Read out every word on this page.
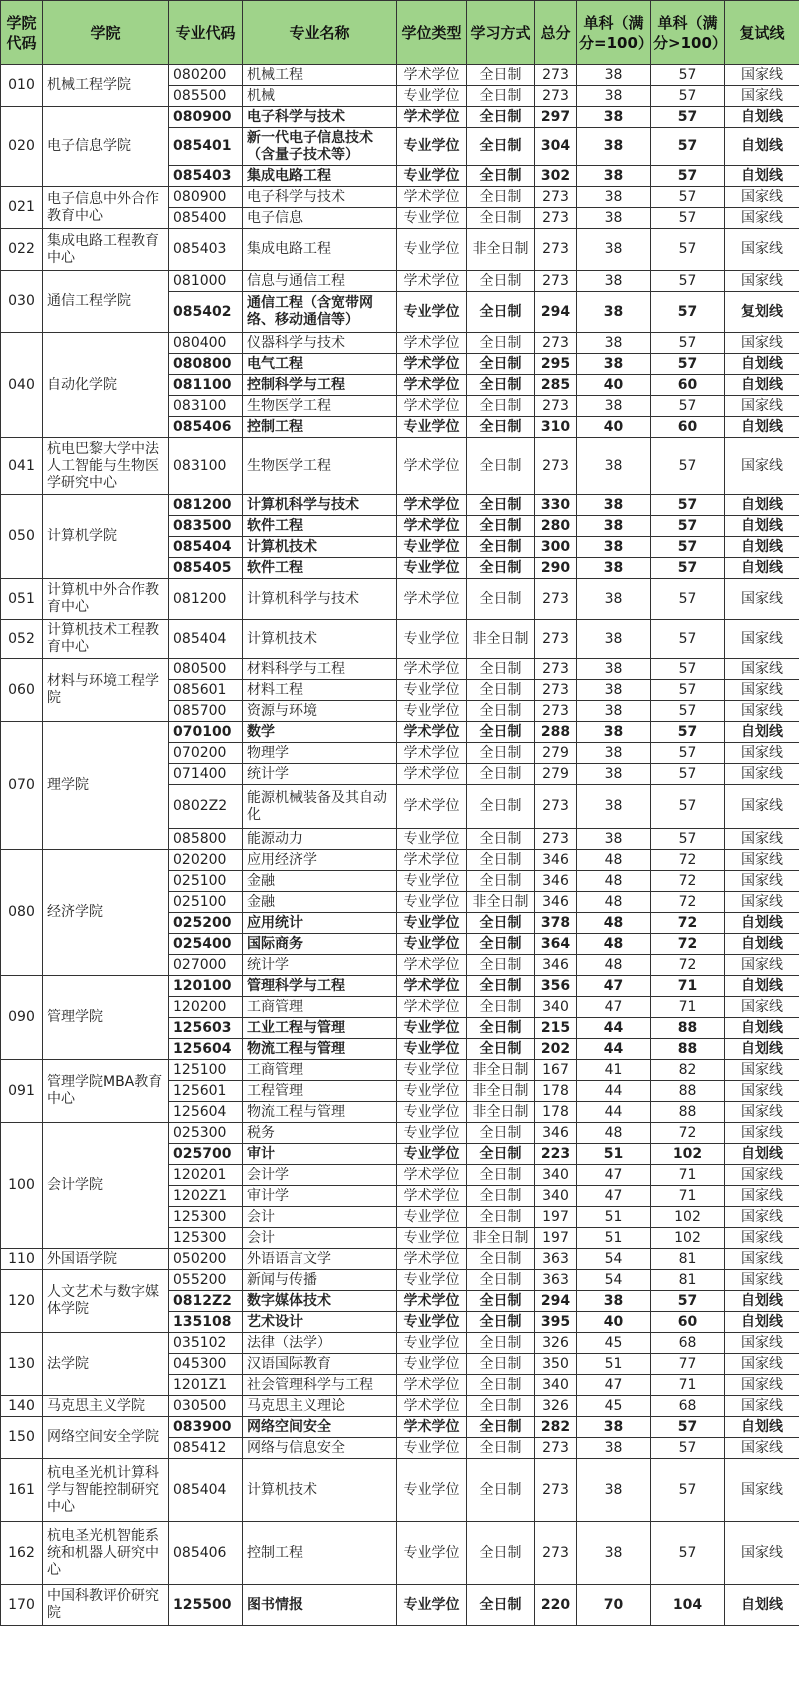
学院代码	学院	专业代码	专业名称	学位类型	学习方式	总分	单科（满分=100）	单科（满分>100）	复试线
010	机械工程学院	080200	机械工程	学术学位	全日制	273	38	57	国家线
		085500	机械	专业学位	全日制	273	38	57	国家线
020	电子信息学院	080900	电子科学与技术	学术学位	全日制	297	38	57	自划线
		085401	新一代电子信息技术（含量子技术等）	专业学位	全日制	304	38	57	自划线
		085403	集成电路工程	专业学位	全日制	302	38	57	自划线
021	电子信息中外合作教育中心	080900	电子科学与技术	学术学位	全日制	273	38	57	国家线
		085400	电子信息	专业学位	全日制	273	38	57	国家线
022	集成电路工程教育中心	085403	集成电路工程	专业学位	非全日制	273	38	57	国家线
030	通信工程学院	081000	信息与通信工程	学术学位	全日制	273	38	57	国家线
		085402	通信工程（含宽带网络、移动通信等）	专业学位	全日制	294	38	57	复划线
040	自动化学院	080400	仪器科学与技术	学术学位	全日制	273	38	57	国家线
		080800	电气工程	学术学位	全日制	295	38	57	自划线
		081100	控制科学与工程	学术学位	全日制	285	40	60	自划线
		083100	生物医学工程	学术学位	全日制	273	38	57	国家线
		085406	控制工程	专业学位	全日制	310	40	60	自划线
041	杭电巴黎大学中法人工智能与生物医学研究中心	083100	生物医学工程	学术学位	全日制	273	38	57	国家线
050	计算机学院	081200	计算机科学与技术	学术学位	全日制	330	38	57	自划线
		083500	软件工程	学术学位	全日制	280	38	57	自划线
		085404	计算机技术	专业学位	全日制	300	38	57	自划线
		085405	软件工程	专业学位	全日制	290	38	57	自划线
051	计算机中外合作教育中心	081200	计算机科学与技术	学术学位	全日制	273	38	57	国家线
052	计算机技术工程教育中心	085404	计算机技术	专业学位	非全日制	273	38	57	国家线
060	材料与环境工程学院	080500	材料科学与工程	学术学位	全日制	273	38	57	国家线
		085601	材料工程	专业学位	全日制	273	38	57	国家线
		085700	资源与环境	专业学位	全日制	273	38	57	国家线
070	理学院	070100	数学	学术学位	全日制	288	38	57	自划线
		070200	物理学	学术学位	全日制	279	38	57	国家线
		071400	统计学	学术学位	全日制	279	38	57	国家线
		0802Z2	能源机械装备及其自动化	学术学位	全日制	273	38	57	国家线
		085800	能源动力	专业学位	全日制	273	38	57	国家线
080	经济学院	020200	应用经济学	学术学位	全日制	346	48	72	国家线
		025100	金融	专业学位	全日制	346	48	72	国家线
		025100	金融	专业学位	非全日制	346	48	72	国家线
		025200	应用统计	专业学位	全日制	378	48	72	自划线
		025400	国际商务	专业学位	全日制	364	48	72	自划线
		027000	统计学	学术学位	全日制	346	48	72	国家线
090	管理学院	120100	管理科学与工程	学术学位	全日制	356	47	71	自划线
		120200	工商管理	学术学位	全日制	340	47	71	国家线
		125603	工业工程与管理	专业学位	全日制	215	44	88	自划线
		125604	物流工程与管理	专业学位	全日制	202	44	88	自划线
091	管理学院MBA教育中心	125100	工商管理	专业学位	非全日制	167	41	82	国家线
		125601	工程管理	专业学位	非全日制	178	44	88	国家线
		125604	物流工程与管理	专业学位	非全日制	178	44	88	国家线
100	会计学院	025300	税务	专业学位	全日制	346	48	72	国家线
		025700	审计	专业学位	全日制	223	51	102	自划线
		120201	会计学	学术学位	全日制	340	47	71	国家线
		1202Z1	审计学	学术学位	全日制	340	47	71	国家线
		125300	会计	专业学位	全日制	197	51	102	国家线
		125300	会计	专业学位	非全日制	197	51	102	国家线
110	外国语学院	050200	外语语言文学	学术学位	全日制	363	54	81	国家线
120	人文艺术与数字媒体学院	055200	新闻与传播	专业学位	全日制	363	54	81	国家线
		0812Z2	数字媒体技术	学术学位	全日制	294	38	57	自划线
		135108	艺术设计	专业学位	全日制	395	40	60	自划线
130	法学院	035102	法律（法学）	专业学位	全日制	326	45	68	国家线
		045300	汉语国际教育	专业学位	全日制	350	51	77	国家线
		1201Z1	社会管理科学与工程	学术学位	全日制	340	47	71	国家线
140	马克思主义学院	030500	马克思主义理论	学术学位	全日制	326	45	68	国家线
150	网络空间安全学院	083900	网络空间安全	学术学位	全日制	282	38	57	自划线
		085412	网络与信息安全	专业学位	全日制	273	38	57	国家线
161	杭电圣光机计算科学与智能控制研究中心	085404	计算机技术	专业学位	全日制	273	38	57	国家线
162	杭电圣光机智能系统和机器人研究中心	085406	控制工程	专业学位	全日制	273	38	57	国家线
170	中国科教评价研究院	125500	图书情报	专业学位	全日制	220	70	104	自划线
